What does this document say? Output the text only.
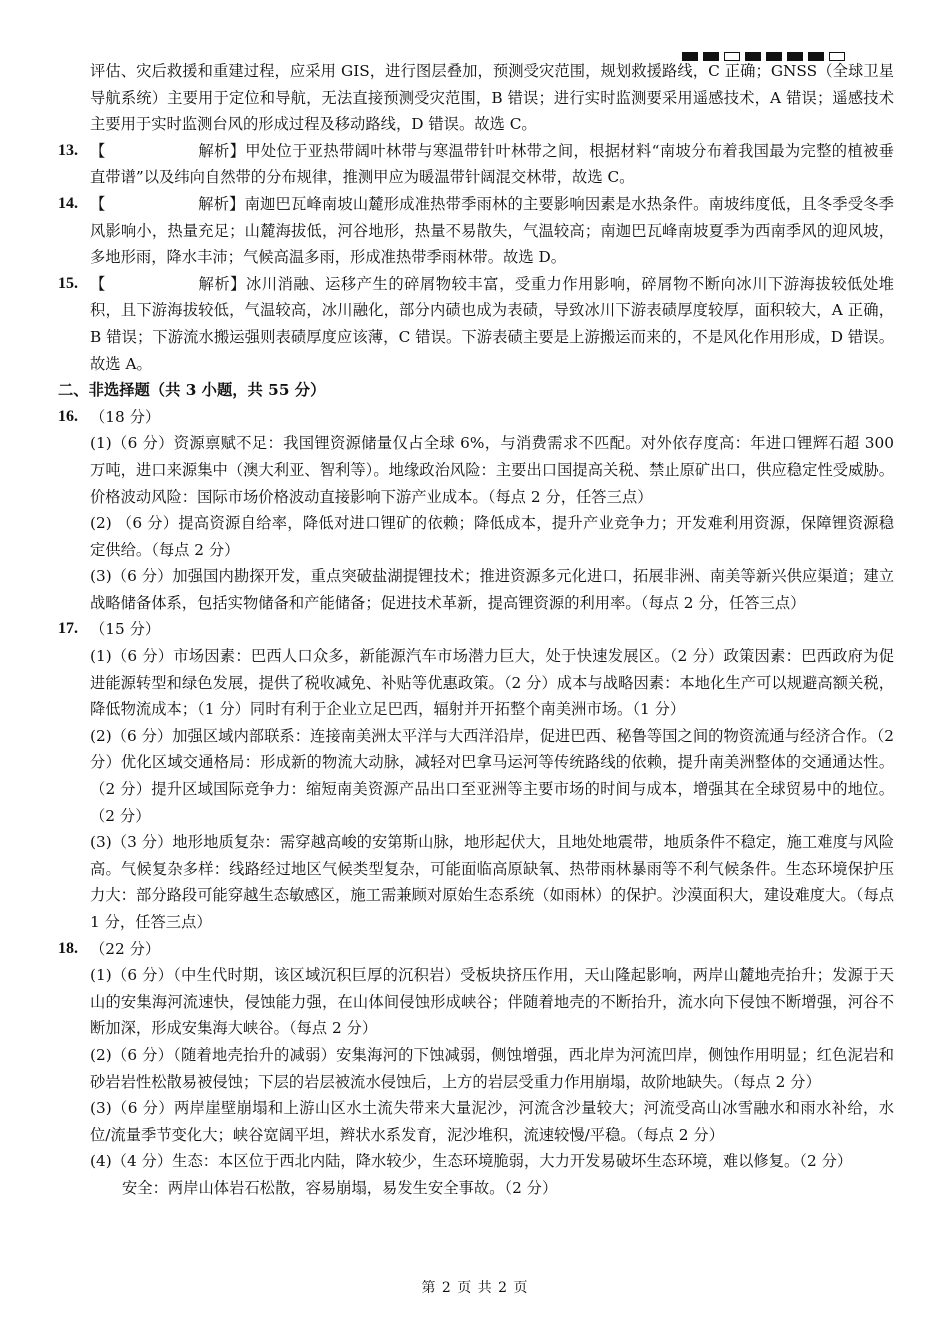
评估、灾后救援和重建过程，应采用 GIS，进行图层叠加，预测受灾范围，规划救援路线，C 正确；GNSS（全球卫星导航系统）主要用于定位和导航，无法直接预测受灾范围，B 错误；进行实时监测要采用遥感技术，A 错误；遥感技术主要用于实时监测台风的形成过程及移动路线，D 错误。故选 C。

13. 【	解析】甲处位于亚热带阔叶林带与寒温带针叶林带之间，根据材料“南坡分布着我国最为完整的植被垂直带谱”以及纬向自然带的分布规律，推测甲应为暖温带针阔混交林带，故选 C。

14. 【	解析】南迦巴瓦峰南坡山麓形成准热带季雨林的主要影响因素是水热条件。南坡纬度低，且冬季受冬季风影响小，热量充足；山麓海拔低，河谷地形，热量不易散失，气温较高；南迦巴瓦峰南坡夏季为西南季风的迎风坡，多地形雨，降水丰沛；气候高温多雨，形成准热带季雨林带。故选 D。

15. 【	解析】冰川消融、运移产生的碎屑物较丰富，受重力作用影响，碎屑物不断向冰川下游海拔较低处堆积，且下游海拔较低，气温较高，冰川融化，部分内碛也成为表碛，导致冰川下游表碛厚度较厚，面积较大，A 正确，B 错误；下游流水搬运强则表碛厚度应该薄，C 错误。下游表碛主要是上游搬运而来的，不是风化作用形成，D 错误。故选 A。

二、非选择题（共 3 小题，共 55 分）

16. （18 分）

(1)（6 分）资源禀赋不足：我国锂资源储量仅占全球 6%，与消费需求不匹配。对外依存度高：年进口锂辉石超 300 万吨，进口来源集中（澳大利亚、智利等）。地缘政治风险：主要出口国提高关税、禁止原矿出口，供应稳定性受威胁。价格波动风险：国际市场价格波动直接影响下游产业成本。（每点 2 分，任答三点）

(2) （6 分）提高资源自给率，降低对进口锂矿的依赖；降低成本，提升产业竞争力；开发难利用资源，保障锂资源稳定供给。（每点 2 分）

(3)（6 分）加强国内勘探开发，重点突破盐湖提锂技术；推进资源多元化进口，拓展非洲、南美等新兴供应渠道；建立战略储备体系，包括实物储备和产能储备；促进技术革新，提高锂资源的利用率。（每点 2 分，任答三点）

17. （15 分）

(1)（6 分）市场因素：巴西人口众多，新能源汽车市场潜力巨大，处于快速发展区。（2 分）政策因素：巴西政府为促进能源转型和绿色发展，提供了税收减免、补贴等优惠政策。（2 分）成本与战略因素：本地化生产可以规避高额关税，降低物流成本；（1 分）同时有利于企业立足巴西，辐射并开拓整个南美洲市场。（1 分）

(2)（6 分）加强区域内部联系：连接南美洲太平洋与大西洋沿岸，促进巴西、秘鲁等国之间的物资流通与经济合作。（2 分）优化区域交通格局：形成新的物流大动脉，减轻对巴拿马运河等传统路线的依赖，提升南美洲整体的交通通达性。（2 分）提升区域国际竞争力：缩短南美资源产品出口至亚洲等主要市场的时间与成本，增强其在全球贸易中的地位。（2 分）

(3)（3 分）地形地质复杂：需穿越高峻的安第斯山脉，地形起伏大，且地处地震带，地质条件不稳定，施工难度与风险高。气候复杂多样：线路经过地区气候类型复杂，可能面临高原缺氧、热带雨林暴雨等不利气候条件。生态环境保护压力大：部分路段可能穿越生态敏感区，施工需兼顾对原始生态系统（如雨林）的保护。沙漠面积大，建设难度大。（每点 1 分，任答三点）

18. （22 分）

(1)（6 分）（中生代时期，该区域沉积巨厚的沉积岩）受板块挤压作用，天山隆起影响，两岸山麓地壳抬升；发源于天山的安集海河流速快，侵蚀能力强，在山体间侵蚀形成峡谷；伴随着地壳的不断抬升，流水向下侵蚀不断增强，河谷不断加深，形成安集海大峡谷。（每点 2 分）

(2)（6 分）（随着地壳抬升的减弱）安集海河的下蚀减弱，侧蚀增强，西北岸为河流凹岸，侧蚀作用明显；红色泥岩和砂岩岩性松散易被侵蚀；下层的岩层被流水侵蚀后，上方的岩层受重力作用崩塌，故阶地缺失。（每点 2 分）

(3)（6 分）两岸崖壁崩塌和上游山区水土流失带来大量泥沙，河流含沙量较大；河流受高山冰雪融水和雨水补给，水位/流量季节变化大；峡谷宽阔平坦，辫状水系发育，泥沙堆积，流速较慢/平稳。（每点 2 分）

(4)（4 分）生态：本区位于西北内陆，降水较少，生态环境脆弱，大力开发易破坏生态环境，难以修复。（2 分）

安全：两岸山体岩石松散，容易崩塌，易发生安全事故。（2 分）

第 2 页 共 2 页
